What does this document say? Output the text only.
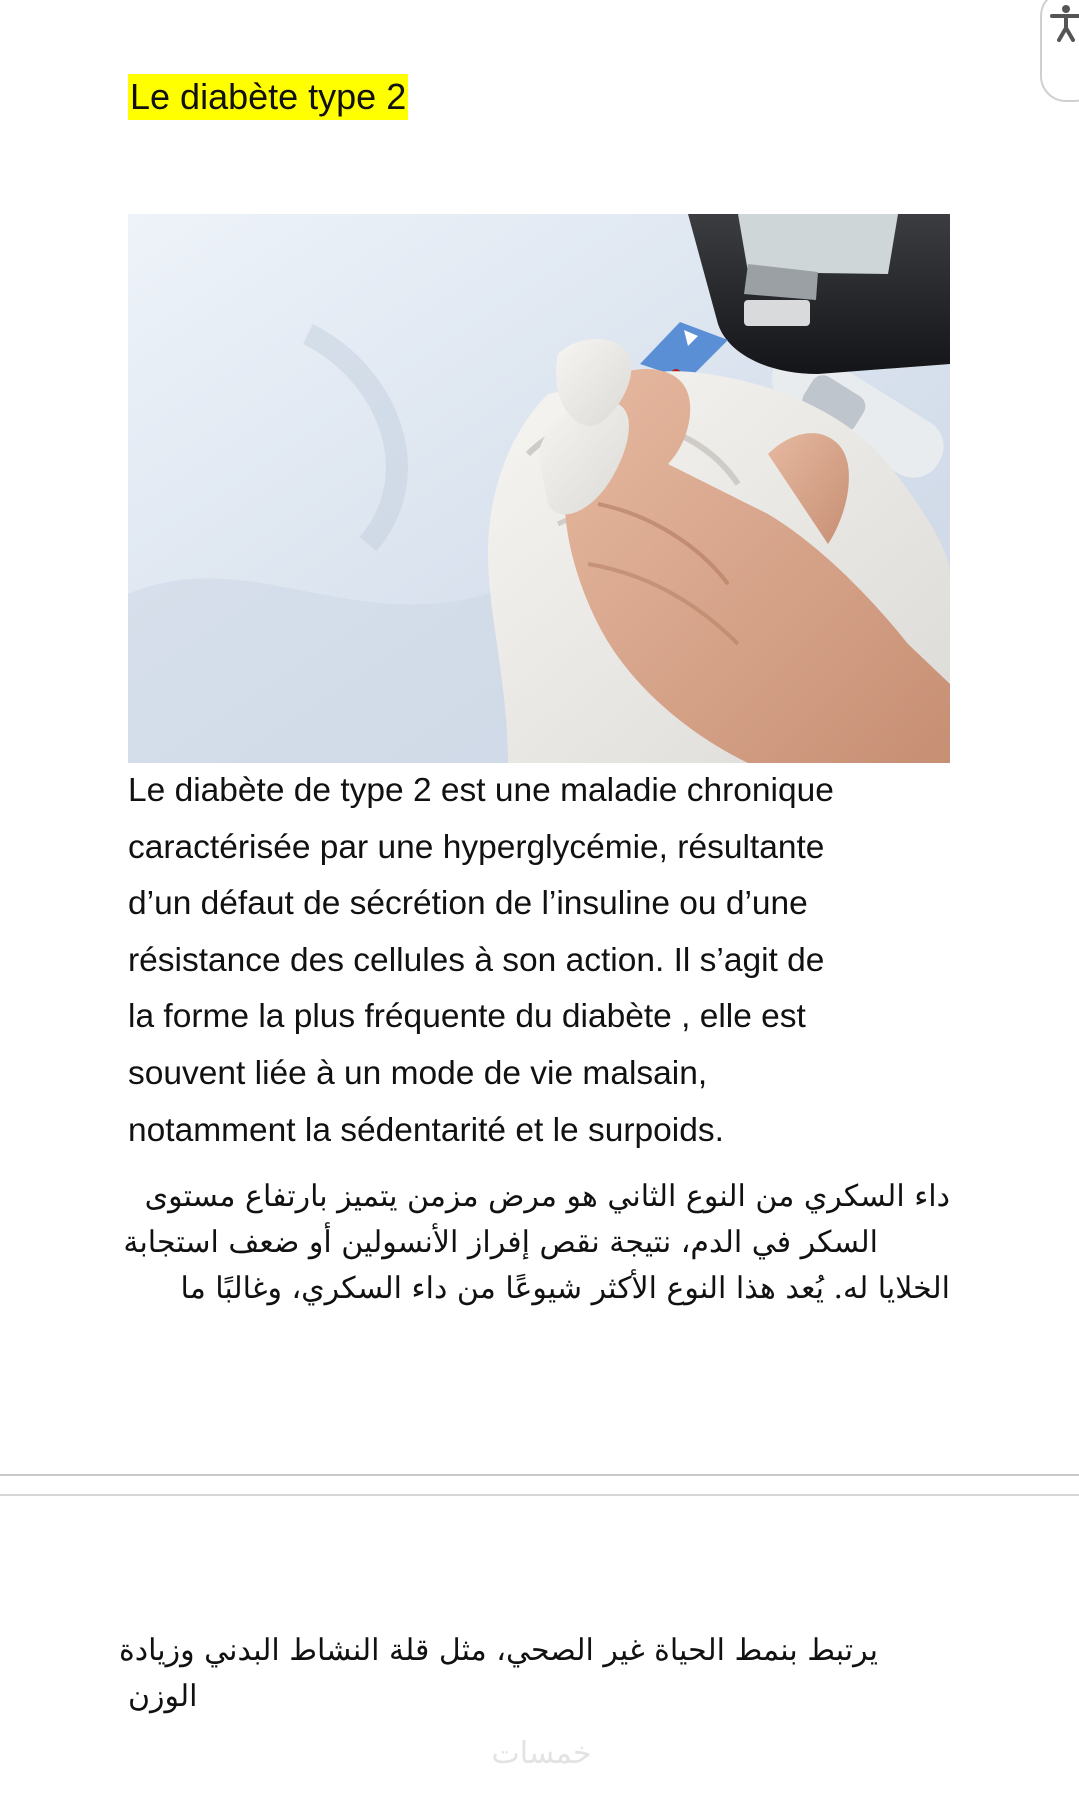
Le diabète type 2
Le diabète de type 2 est une maladie chronique
caractérisée par une hyperglycémie, résultante
d’un défaut de sécrétion de l’insuline ou d’une
résistance des cellules à son action. Il s’agit de
la forme la plus fréquente du diabète , elle est
souvent liée à un mode de vie malsain,
notamment la sédentarité et le surpoids.
داء السكري من النوع الثاني هو مرض مزمن يتميز بارتفاع مستوى
السكر في الدم، نتيجة نقص إفراز الأنسولين أو ضعف استجابة
الخلايا له. يُعد هذا النوع الأكثر شيوعًا من داء السكري، وغالبًا ما
يرتبط بنمط الحياة غير الصحي، مثل قلة النشاط البدني وزيادة
الوزن
خمسات
